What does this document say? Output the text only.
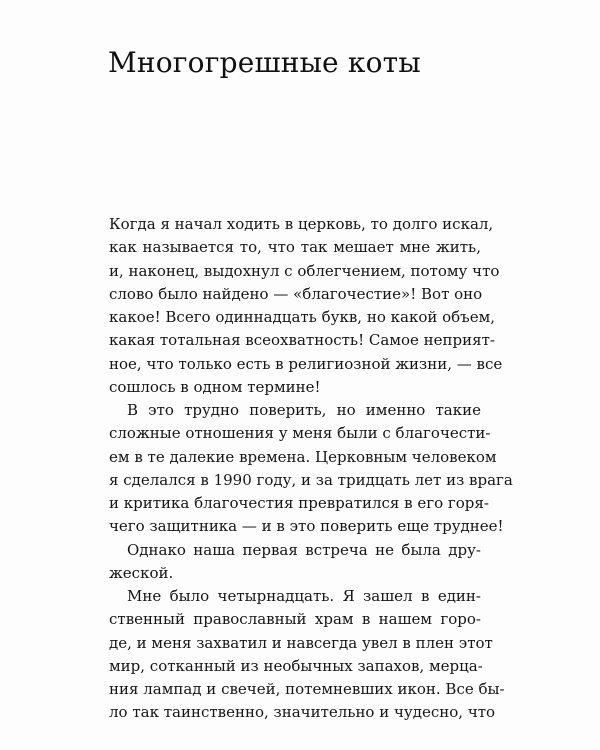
Многогрешные коты
Когда я начал ходить в церковь, то долго искал,
как называется то, что так мешает мне жить,
и, наконец, выдохнул с облегчением, потому что
слово было найдено — «благочестие»! Вот оно
какое! Всего одиннадцать букв, но какой объем,
какая тотальная всеохватность! Самое неприят-
ное, что только есть в религиозной жизни, — все
сошлось в одном термине!
В это трудно поверить, но именно такие
сложные отношения у меня были с благочести-
ем в те далекие времена. Церковным человеком
я сделался в 1990 году, и за тридцать лет из врага
и критика благочестия превратился в его горя-
чего защитника — и в это поверить еще труднее!
Однако наша первая встреча не была дру-
жеской.
Мне было четырнадцать. Я зашел в един-
ственный православный храм в нашем горо-
де, и меня захватил и навсегда увел в плен этот
мир, сотканный из необычных запахов, мерца-
ния лампад и свечей, потемневших икон. Все бы-
ло так таинственно, значительно и чудесно, что
